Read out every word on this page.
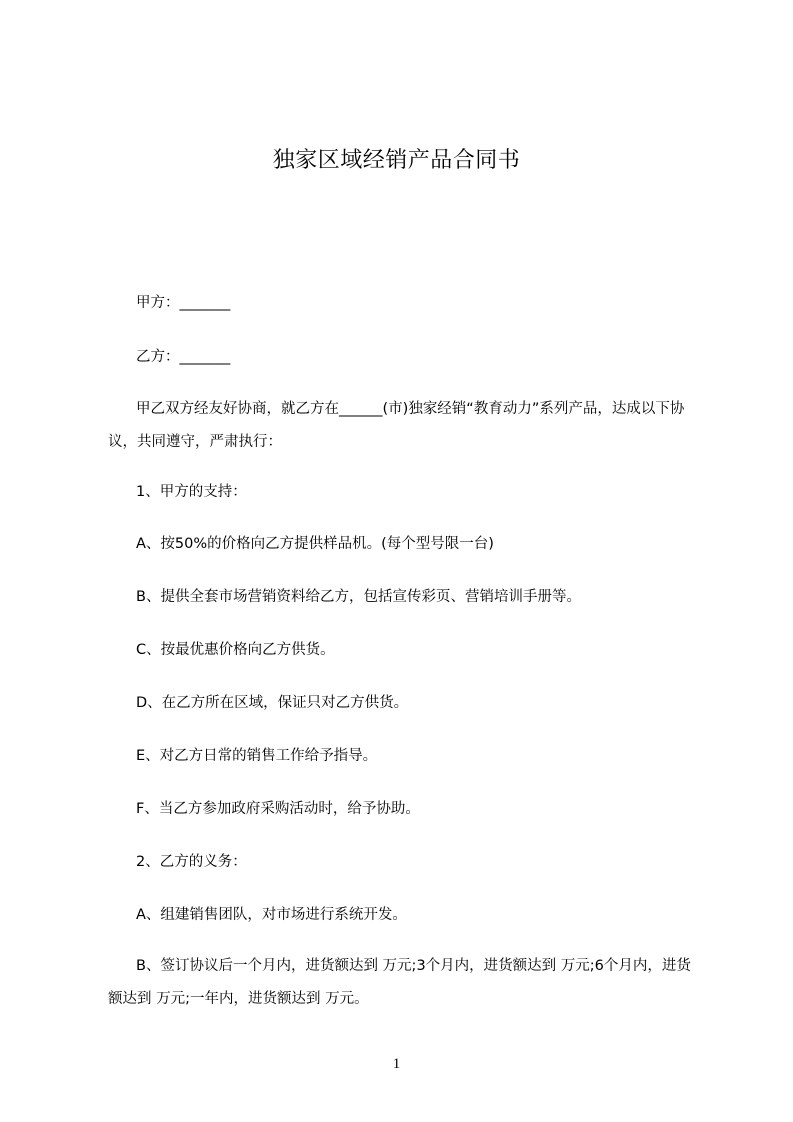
独家区域经销产品合同书
甲方：_______
乙方：_______
甲乙双方经友好协商，就乙方在______(市)独家经销“教育动力”系列产品，达成以下协议，共同遵守，严肃执行：
1、甲方的支持：
A、按50%的价格向乙方提供样品机。(每个型号限一台)
B、提供全套市场营销资料给乙方，包括宣传彩页、营销培训手册等。
C、按最优惠价格向乙方供货。
D、在乙方所在区域，保证只对乙方供货。
E、对乙方日常的销售工作给予指导。
F、当乙方参加政府采购活动时，给予协助。
2、乙方的义务：
A、组建销售团队，对市场进行系统开发。
B、签订协议后一个月内，进货额达到 万元;3个月内，进货额达到 万元;6个月内，进货额达到 万元;一年内，进货额达到 万元。
1
